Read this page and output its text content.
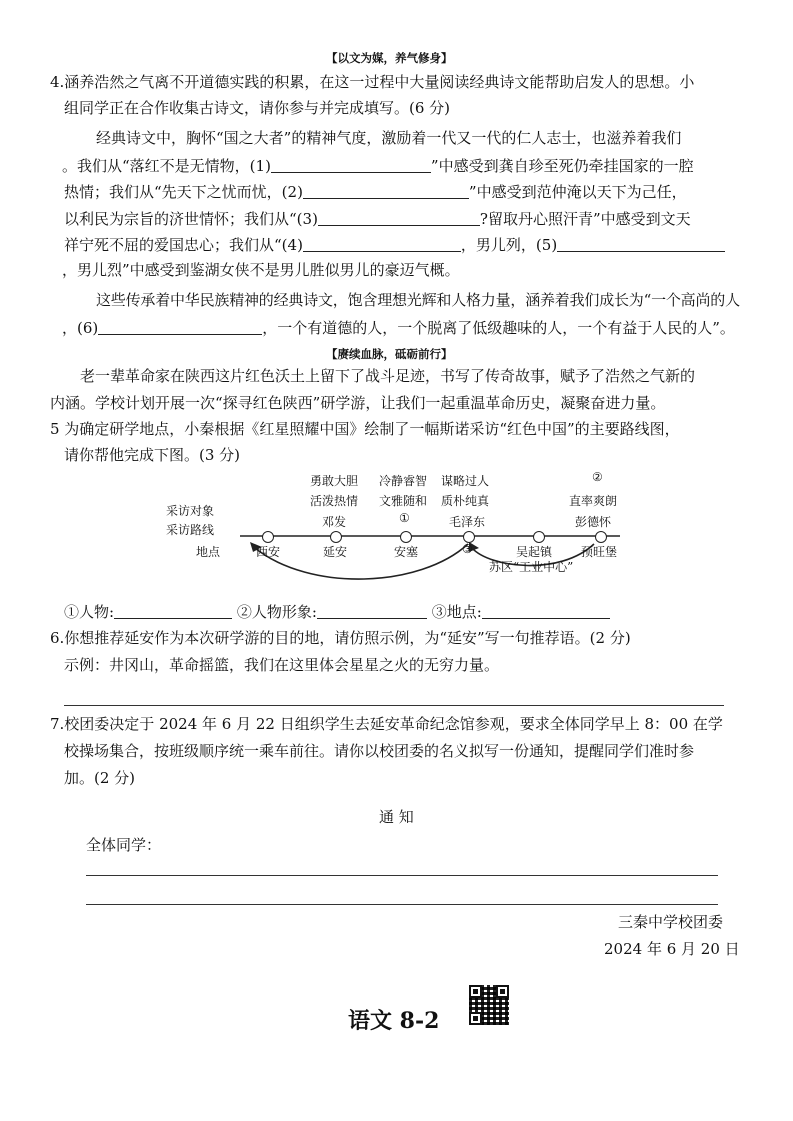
【以文为媒，养气修身】
4.涵养浩然之气离不开道德实践的积累，在这一过程中大量阅读经典诗文能帮助启发人的思想。小
组同学正在合作收集古诗文，请你参与并完成填写。(6 分)
经典诗文中，胸怀“国之大者”的精神气度，激励着一代又一代的仁人志士，也滋养着我们
。我们从“落红不是无情物，(1)	”中感受到龚自珍至死仍牵挂国家的一腔
热情；我们从“先天下之忧而忧，(2)	”中感受到范仲淹以天下为己任，
以利民为宗旨的济世情怀；我们从“(3)	?留取丹心照汗青”中感受到文天
祥宁死不屈的爱国忠心；我们从“(4)	，男儿列，(5)
，男儿烈”中感受到鉴湖女侠不是男儿胜似男儿的豪迈气概。
这些传承着中华民族精神的经典诗文，饱含理想光辉和人格力量，涵养着我们成长为“一个高尚的人
，(6)	，一个有道德的人，一个脱离了低级趣味的人，一个有益于人民的人”。
【赓续血脉，砥砺前行】
老一辈革命家在陕西这片红色沃土上留下了战斗足迹，书写了传奇故事，赋予了浩然之气新的
内涵。学校计划开展一次“探寻红色陕西”研学游，让我们一起重温革命历史，凝聚奋进力量。
5 为确定研学地点，小秦根据《红星照耀中国》绘制了一幅斯诺采访“红色中国”的主要路线图，
请你帮他完成下图。(3 分)
采访对象
采访路线
地点
勇敢大胆
活泼热情
冷静睿智
文雅随和
谋略过人
质朴纯真	直率爽朗
邓发	①	毛泽东
②
彭德怀
西安	延安	安塞	③	吴起镇 预旺堡
苏区“工业中心”
①人物:	②人物形象:	③地点:
6.你想推荐延安作为本次研学游的目的地，请仿照示例，为“延安”写一句推荐语。(2 分)
示例：井冈山，革命摇篮，我们在这里体会星星之火的无穷力量。
7.校团委决定于 2024 年 6 月 22 日组织学生去延安革命纪念馆参观，要求全体同学早上 8：00 在学
校操场集合，按班级顺序统一乘车前往。请你以校团委的名义拟写一份通知，提醒同学们准时参
加。(2 分)
通 知
全体同学：
三秦中学校团委
2024 年 6 月 20 日
语文 8-2
